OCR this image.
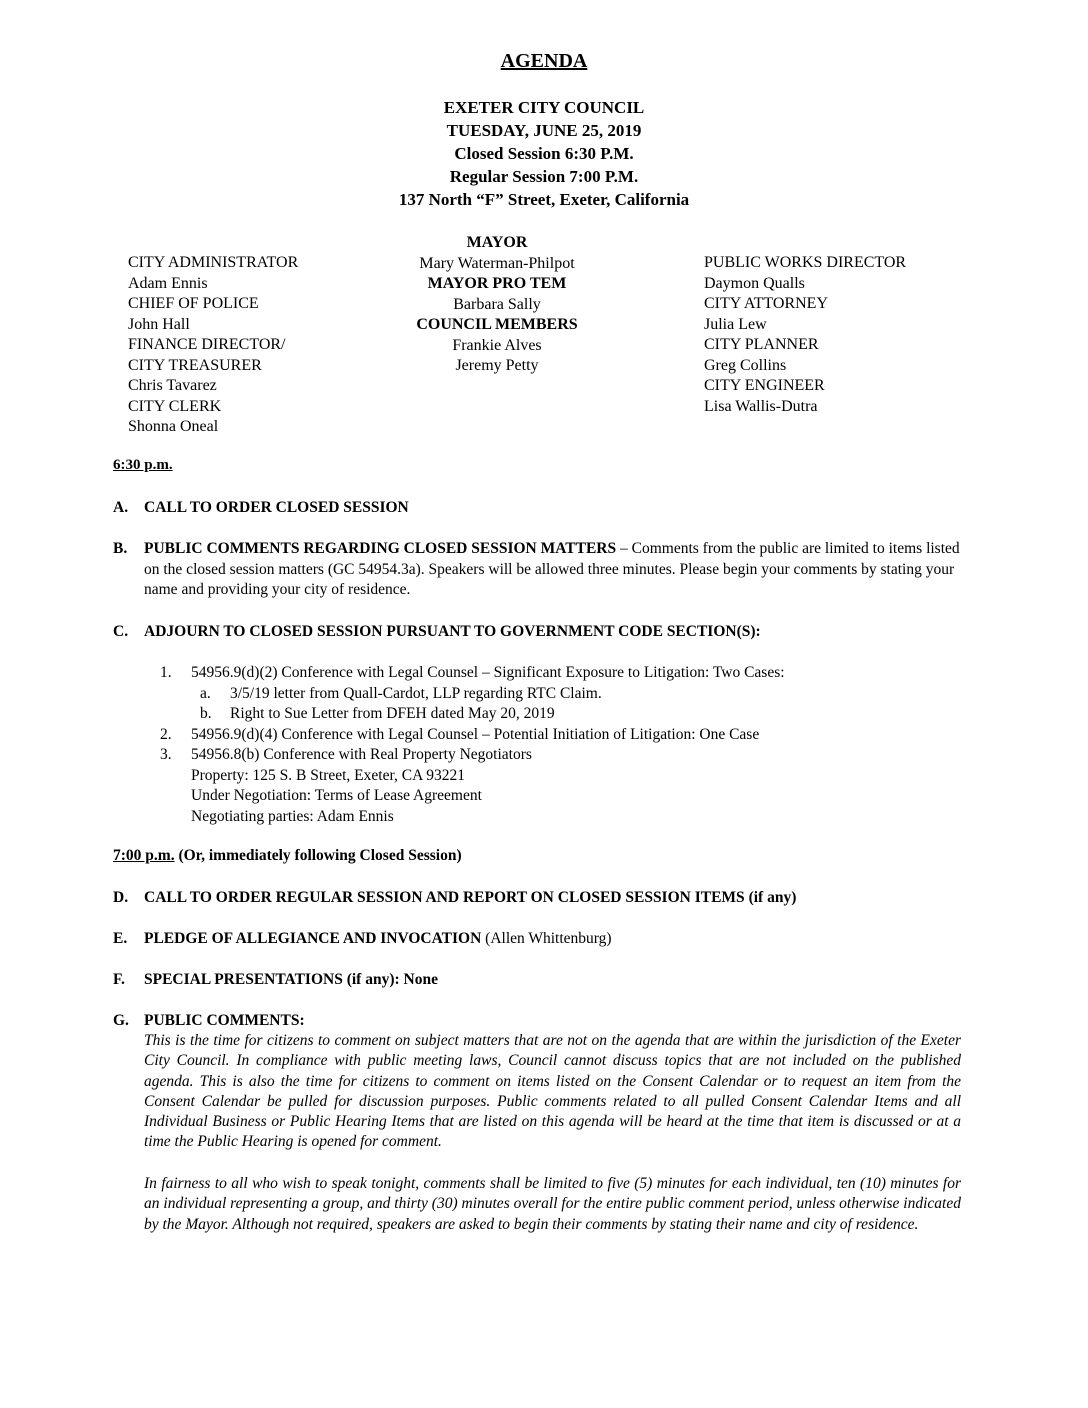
AGENDA
EXETER CITY COUNCIL
TUESDAY, JUNE 25, 2019
Closed Session 6:30 P.M.
Regular Session 7:00 P.M.
137 North “F” Street, Exeter, California
CITY ADMINISTRATOR
Adam Ennis
CHIEF OF POLICE
John Hall
FINANCE DIRECTOR/
CITY TREASURER
Chris Tavarez
CITY CLERK
Shonna Oneal
MAYOR
Mary Waterman-Philpot
MAYOR PRO TEM
Barbara Sally
COUNCIL MEMBERS
Frankie Alves
Jeremy Petty
PUBLIC WORKS DIRECTOR
Daymon Qualls
CITY ATTORNEY
Julia Lew
CITY PLANNER
Greg Collins
CITY ENGINEER
Lisa Wallis-Dutra
6:30 p.m.
A. CALL TO ORDER CLOSED SESSION
B. PUBLIC COMMENTS REGARDING CLOSED SESSION MATTERS – Comments from the public are limited to items listed on the closed session matters (GC 54954.3a). Speakers will be allowed three minutes. Please begin your comments by stating your name and providing your city of residence.
C. ADJOURN TO CLOSED SESSION PURSUANT TO GOVERNMENT CODE SECTION(S):
1. 54956.9(d)(2) Conference with Legal Counsel – Significant Exposure to Litigation: Two Cases:
a. 3/5/19 letter from Quall-Cardot, LLP regarding RTC Claim.
b. Right to Sue Letter from DFEH dated May 20, 2019
2. 54956.9(d)(4) Conference with Legal Counsel – Potential Initiation of Litigation: One Case
3. 54956.8(b) Conference with Real Property Negotiators
Property: 125 S. B Street, Exeter, CA 93221
Under Negotiation: Terms of Lease Agreement
Negotiating parties: Adam Ennis
7:00 p.m. (Or, immediately following Closed Session)
D. CALL TO ORDER REGULAR SESSION AND REPORT ON CLOSED SESSION ITEMS (if any)
E. PLEDGE OF ALLEGIANCE AND INVOCATION (Allen Whittenburg)
F. SPECIAL PRESENTATIONS (if any): None
G. PUBLIC COMMENTS:
This is the time for citizens to comment on subject matters that are not on the agenda that are within the jurisdiction of the Exeter City Council. In compliance with public meeting laws, Council cannot discuss topics that are not included on the published agenda. This is also the time for citizens to comment on items listed on the Consent Calendar or to request an item from the Consent Calendar be pulled for discussion purposes. Public comments related to all pulled Consent Calendar Items and all Individual Business or Public Hearing Items that are listed on this agenda will be heard at the time that item is discussed or at a time the Public Hearing is opened for comment.
In fairness to all who wish to speak tonight, comments shall be limited to five (5) minutes for each individual, ten (10) minutes for an individual representing a group, and thirty (30) minutes overall for the entire public comment period, unless otherwise indicated by the Mayor. Although not required, speakers are asked to begin their comments by stating their name and city of residence.
